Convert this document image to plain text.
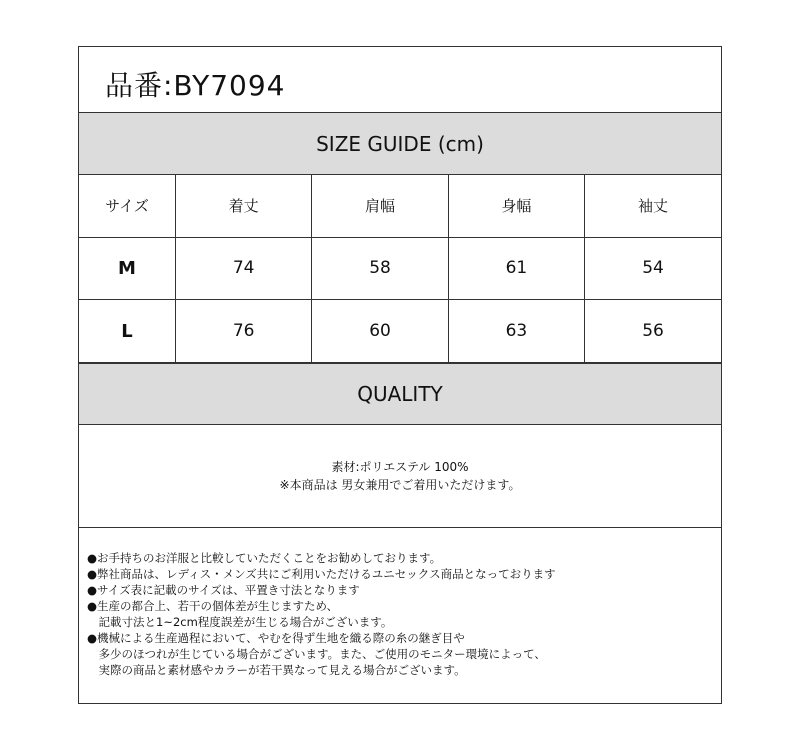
品番:BY7094
SIZE GUIDE (cm)
サイズ	着丈	肩幅	身幅	袖丈
M	74	58	61	54
L	76	60	63	56
QUALITY
素材:ポリエステル 100%
※本商品は 男女兼用でご着用いただけます。
●お手持ちのお洋服と比較していただくことをお勧めしております。
●弊社商品は、レディス・メンズ共にご利用いただけるユニセックス商品となっております
●サイズ表に記載のサイズは、平置き寸法となります
●生産の都合上、若干の個体差が生じますため、
　記載寸法と1~2cm程度誤差が生じる場合がございます。
●機械による生産過程において、やむを得ず生地を織る際の糸の継ぎ目や
　多少のほつれが生じている場合がございます。また、ご使用のモニター環境によって、
　実際の商品と素材感やカラーが若干異なって見える場合がございます。
